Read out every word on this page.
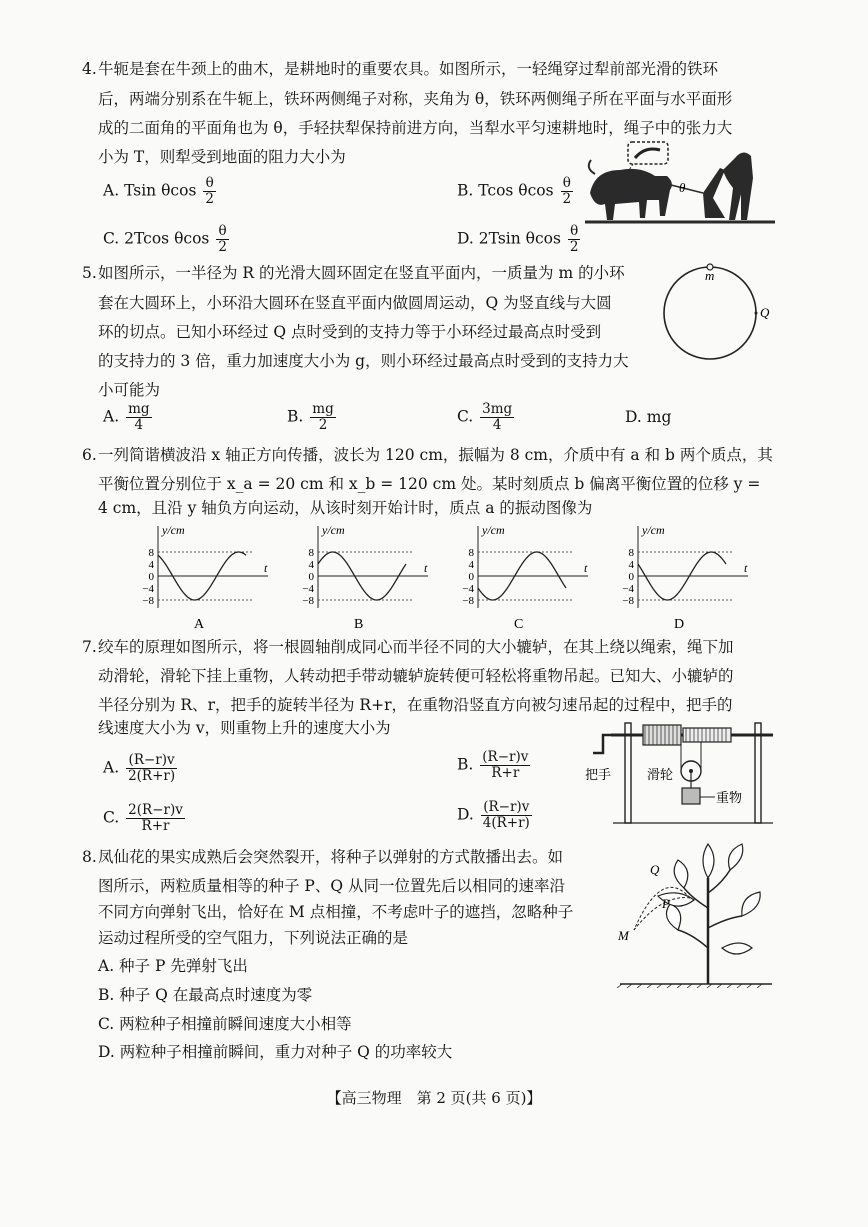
4. 牛轭是套在牛颈上的曲木，是耕地时的重要农具。如图所示，一轻绳穿过犁前部光滑的铁环
后，两端分别系在牛轭上，铁环两侧绳子对称，夹角为 θ，铁环两侧绳子所在平面与水平面形
成的二面角的平面角也为 θ，手轻扶犁保持前进方向，当犁水平匀速耕地时，绳子中的张力大
小为 T，则犁受到地面的阻力大小为
A. Tsin θcos $\frac{\theta}{2}$	B. Tcos θcos $\frac{\theta}{2}$
C. 2Tcos θcos $\frac{\theta}{2}$	D. 2Tsin θcos $\frac{\theta}{2}$
θ
5. 如图所示，一半径为 R 的光滑大圆环固定在竖直平面内，一质量为 m 的小环
套在大圆环上，小环沿大圆环在竖直平面内做圆周运动，Q 为竖直线与大圆
环的切点。已知小环经过 Q 点时受到的支持力等于小环经过最高点时受到
的支持力的 3 倍，重力加速度大小为 g，则小环经过最高点时受到的支持力大
小可能为
m
Q
A. $\frac{mg}{4}$	B. $\frac{mg}{2}$	C. $\frac{3mg}{4}$	D. mg
6. 一列简谐横波沿 x 轴正方向传播，波长为 120 cm，振幅为 8 cm，介质中有 a 和 b 两个质点，其
平衡位置分别位于 x_a = 20 cm 和 x_b = 120 cm 处。某时刻质点 b 偏离平衡位置的位移 y =
4 cm，且沿 y 轴负方向运动，从该时刻开始计时，质点 a 的振动图像为
y/cm
t
8
4
0
−4
−8
A
y/cm
t
8
4
0
−4
−8
B
y/cm
t
8
4
0
−4
−8
C
y/cm
t
8
4
0
−4
−8
D
7. 绞车的原理如图所示，将一根圆轴削成同心而半径不同的大小辘轳，在其上绕以绳索，绳下加
动滑轮，滑轮下挂上重物，人转动把手带动辘轳旋转便可轻松将重物吊起。已知大、小辘轳的
半径分别为 R、r，把手的旋转半径为 R+r，在重物沿竖直方向被匀速吊起的过程中，把手的
线速度大小为 v，则重物上升的速度大小为
A. $\frac{(R-r)v}{2(R+r)}$	B. $\frac{(R-r)v}{R+r}$
C. $\frac{2(R-r)v}{R+r}$	D. $\frac{(R-r)v}{4(R+r)}$
把手	滑轮
重物
8. 凤仙花的果实成熟后会突然裂开，将种子以弹射的方式散播出去。如
图所示，两粒质量相等的种子 P、Q 从同一位置先后以相同的速率沿
不同方向弹射飞出，恰好在 M 点相撞，不考虑叶子的遮挡，忽略种子
运动过程所受的空气阻力，下列说法正确的是
A. 种子 P 先弹射飞出
B. 种子 Q 在最高点时速度为零
C. 两粒种子相撞前瞬间速度大小相等
D. 两粒种子相撞前瞬间，重力对种子 Q 的功率较大
Q
P
M
【高三物理　第 2 页(共 6 页)】
